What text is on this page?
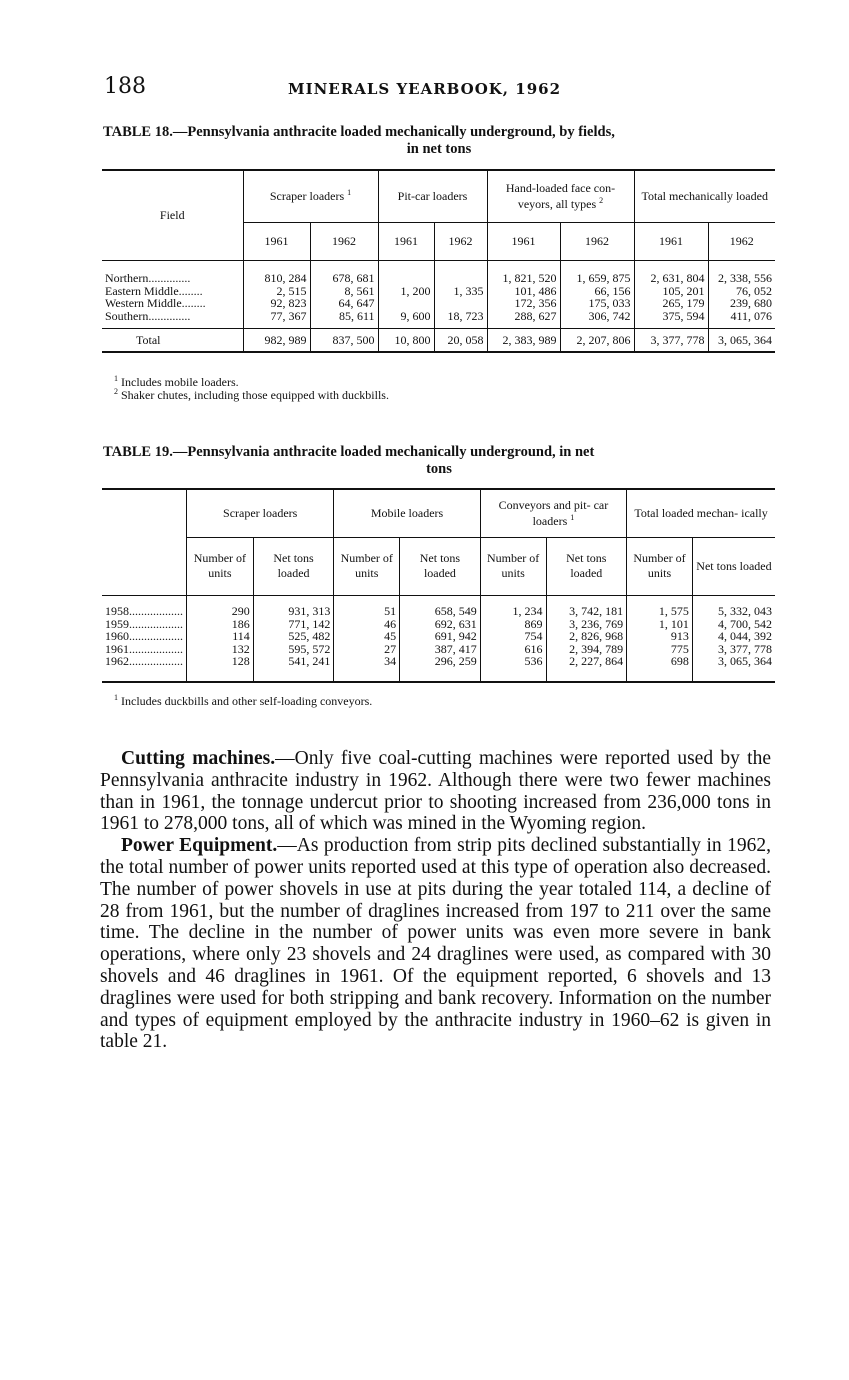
188	MINERALS YEARBOOK, 1962
TABLE 18.—Pennsylvania anthracite loaded mechanically underground, by fields,
in net tons
Field	Scraper loaders $^1$		Pit-car loaders		Hand-loaded face con- veyors, all types $^2$		Total mechanically loaded	
	1961	1962	1961	1962	1961	1962	1961	1962

Northern..............	810, 284	678, 681			1, 821, 520	1, 659, 875	2, 631, 804	2, 338, 556
Eastern Middle........	2, 515	8, 561	1, 200	1, 335	101, 486	66, 156	105, 201	76, 052
Western Middle........	92, 823	64, 647			172, 356	175, 033	265, 179	239, 680
Southern..............	77, 367	85, 611	9, 600	18, 723	288, 627	306, 742	375, 594	411, 076

Total	982, 989	837, 500	10, 800	20, 058	2, 383, 989	2, 207, 806	3, 377, 778	3, 065, 364
$^1$ Includes mobile loaders.
$^2$ Shaker chutes, including those equipped with duckbills.
TABLE 19.—Pennsylvania anthracite loaded mechanically underground, in net
tons
	Scraper loaders		Mobile loaders		Conveyors and pit- car loaders $^1$		Total loaded mechan- ically	
	Number of units	Net tons loaded	Number of units	Net tons loaded	Number of units	Net tons loaded	Number of units	Net tons loaded

1958..................	290	931, 313	51	658, 549	1, 234	3, 742, 181	1, 575	5, 332, 043
1959..................	186	771, 142	46	692, 631	869	3, 236, 769	1, 101	4, 700, 542
1960..................	114	525, 482	45	691, 942	754	2, 826, 968	913	4, 044, 392
1961..................	132	595, 572	27	387, 417	616	2, 394, 789	775	3, 377, 778
1962..................	128	541, 241	34	296, 259	536	2, 227, 864	698	3, 065, 364

$^1$ Includes duckbills and other self-loading conveyors.

Cutting machines.—Only five coal-cutting machines were reported used by the Pennsylvania anthracite industry in 1962. Although there were two fewer machines than in 1961, the tonnage undercut prior to shooting increased from 236,000 tons in 1961 to 278,000 tons, all of which was mined in the Wyoming region.

Power Equipment.—As production from strip pits declined substantially in 1962, the total number of power units reported used at this type of operation also decreased. The number of power shovels in use at pits during the year totaled 114, a decline of 28 from 1961, but the number of draglines increased from 197 to 211 over the same time. The decline in the number of power units was even more severe in bank operations, where only 23 shovels and 24 draglines were used, as compared with 30 shovels and 46 draglines in 1961. Of the equipment reported, 6 shovels and 13 draglines were used for both stripping and bank recovery. Information on the number and types of equipment employed by the anthracite industry in 1960–62 is given in table 21.
